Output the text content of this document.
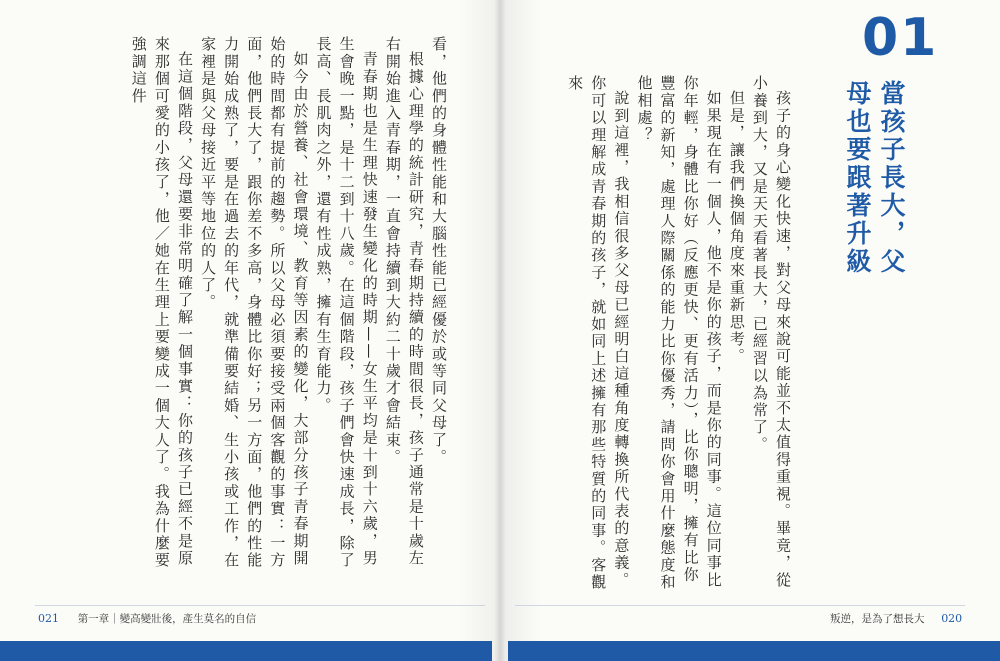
01
當孩子長大，父母也要跟著升級

孩子的身心變化快速，對父母來說可能並不太值得重視。畢竟，從小養到大，又是天天看著長大，已經習以為常了。

但是，讓我們換個角度來重新思考。

如果現在有一個人，他不是你的孩子，而是你的同事。這位同事比你年輕，身體比你好（反應更快、更有活力），比你聰明，擁有比你豐富的新知，處理人際關係的能力比你優秀，請問你會用什麼態度和他相處？

說到這裡，我相信很多父母已經明白這種角度轉換所代表的意義。你可以理解成青春期的孩子，就如同上述擁有那些特質的同事。客觀來

看，他們的身體性能和大腦性能已經優於或等同父母了。

根據心理學的統計研究，青春期持續的時間很長，孩子通常是十歲左右開始進入青春期，一直會持續到大約二十歲才會結束。

青春期也是生理快速發生變化的時期——女生平均是十到十六歲，男生會晚一點，是十二到十八歲。在這個階段，孩子們會快速成長，除了長高、長肌肉之外，還有性成熟，擁有生育能力。

如今由於營養、社會環境、教育等因素的變化，大部分孩子青春期開始的時間都有提前的趨勢。所以父母必須要接受兩個客觀的事實：一方面，他們長大了，跟你差不多高，身體比你好；另一方面，他們的性能力開始成熟了，要是在過去的年代，就準備要結婚、生小孩或工作，在家裡是與父母接近平等地位的人了。

在這個階段，父母還要非常明確了解一個事實：你的孩子已經不是原來那個可愛的小孩了，他／她在生理上要變成一個大人了。我為什麼要強調這件

021 第一章｜變高變壯後，產生莫名的自信	叛逆，是為了想長大 020
